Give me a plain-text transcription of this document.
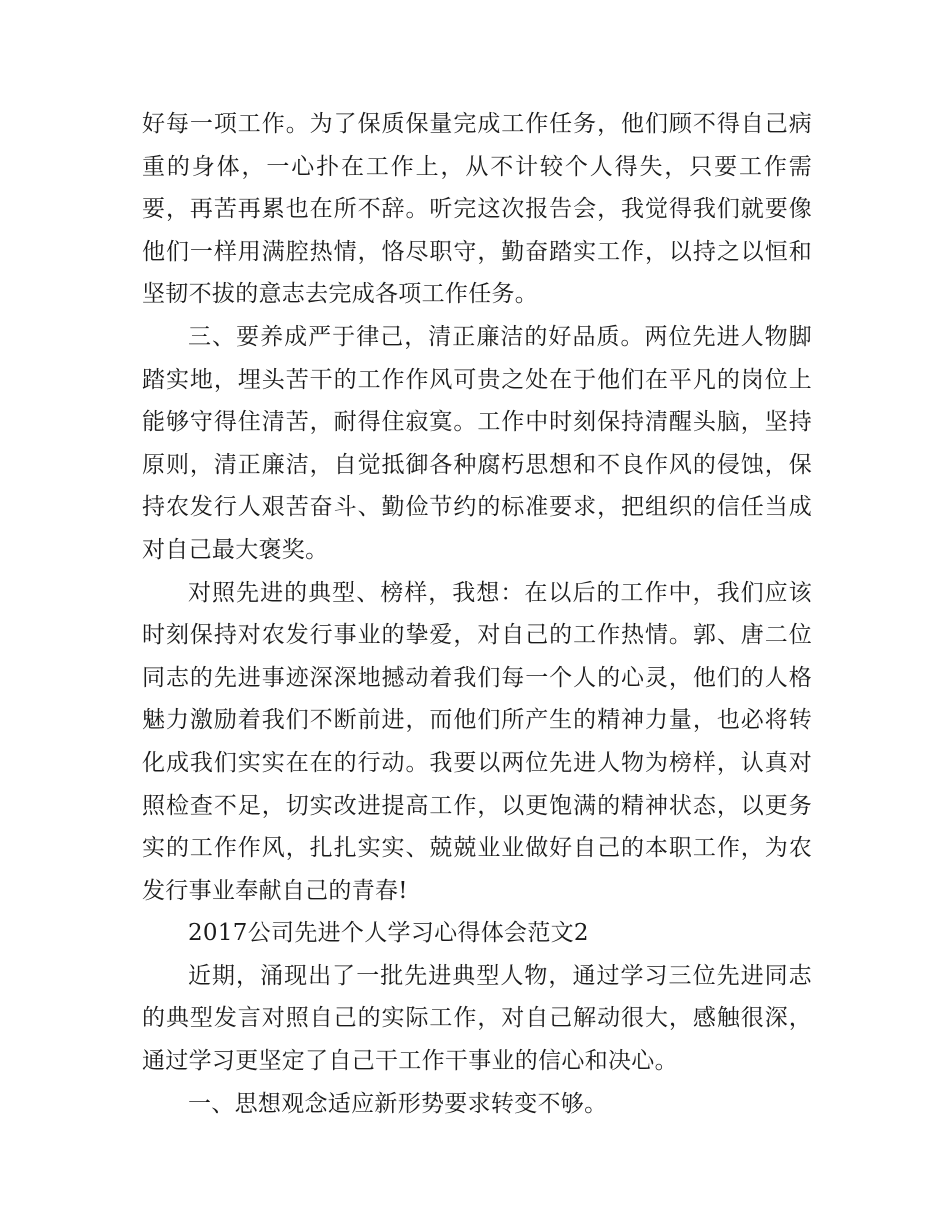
好每一项工作。为了保质保量完成工作任务，他们顾不得自己病重的身体，一心扑在工作上，从不计较个人得失，只要工作需要，再苦再累也在所不辞。听完这次报告会，我觉得我们就要像他们一样用满腔热情，恪尽职守，勤奋踏实工作，以持之以恒和坚韧不拔的意志去完成各项工作任务。

三、要养成严于律己，清正廉洁的好品质。两位先进人物脚踏实地，埋头苦干的工作作风可贵之处在于他们在平凡的岗位上能够守得住清苦，耐得住寂寞。工作中时刻保持清醒头脑，坚持原则，清正廉洁，自觉抵御各种腐朽思想和不良作风的侵蚀，保持农发行人艰苦奋斗、勤俭节约的标准要求，把组织的信任当成对自己最大褒奖。

对照先进的典型、榜样，我想：在以后的工作中，我们应该时刻保持对农发行事业的挚爱，对自己的工作热情。郭、唐二位同志的先进事迹深深地撼动着我们每一个人的心灵，他们的人格魅力激励着我们不断前进，而他们所产生的精神力量，也必将转化成我们实实在在的行动。我要以两位先进人物为榜样，认真对照检查不足，切实改进提高工作，以更饱满的精神状态，以更务实的工作作风，扎扎实实、兢兢业业做好自己的本职工作，为农发行事业奉献自己的青春!

2017公司先进个人学习心得体会范文2

近期，涌现出了一批先进典型人物，通过学习三位先进同志的典型发言对照自己的实际工作，对自己解动很大，感触很深，通过学习更坚定了自己干工作干事业的信心和决心。

一、思想观念适应新形势要求转变不够。
